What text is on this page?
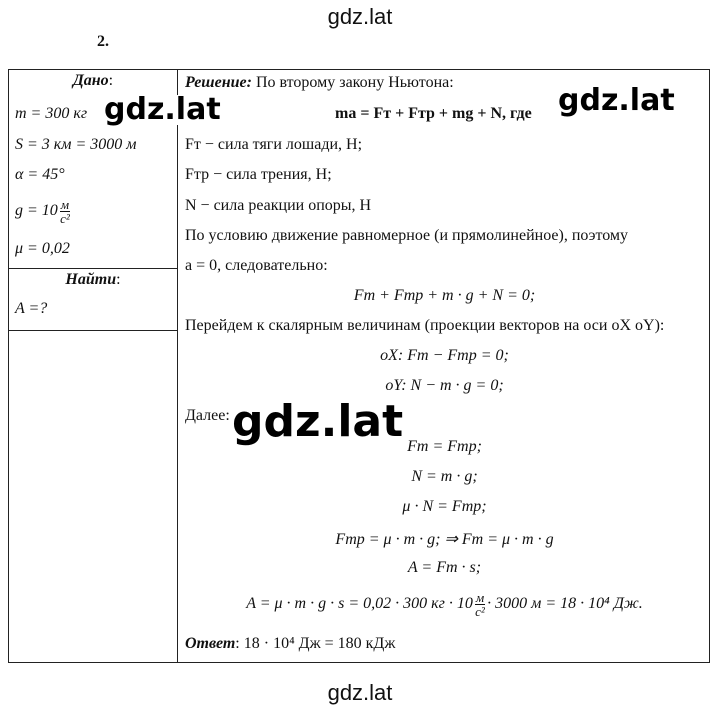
gdz.lat
2.
Дано:
m = 300 кг
S = 3 км = 3000 м
α = 45°
$g = 10 \frac{м}{\text{с²}}$
μ = 0,02
Найти:
A =?
Решение: По второму закону Ньютона:
ma = Fт + Fтр + mg + N, где
Fт − сила тяги лошади, Н;
Fтр − сила трения, Н;
N − сила реакции опоры, Н
По условию движение равномерное (и прямолинейное), поэтому
a = 0, следовательно:
Fт + Fтр + m · g + N = 0;
Перейдем к скалярным величинам (проекции векторов на оси оX оY):
oX: Fт − Fтр = 0;
oY: N − m · g = 0;
Далее:
Fт = Fтр;
N = m · g;
μ · N = Fтр;
Fтр = μ · m · g; ⇒ Fт = μ · m · g
A = Fт · s;
A = μ · m · g · s = 0,02 · 300 кг · $10 \frac{м}{\text{с²}} \cdot 3000$ м = 18 · 10⁴ Дж.
Ответ: 18 · 10⁴ Дж = 180 кДж
gdz.lat	gdz.lat
gdz.lat
gdz.lat
